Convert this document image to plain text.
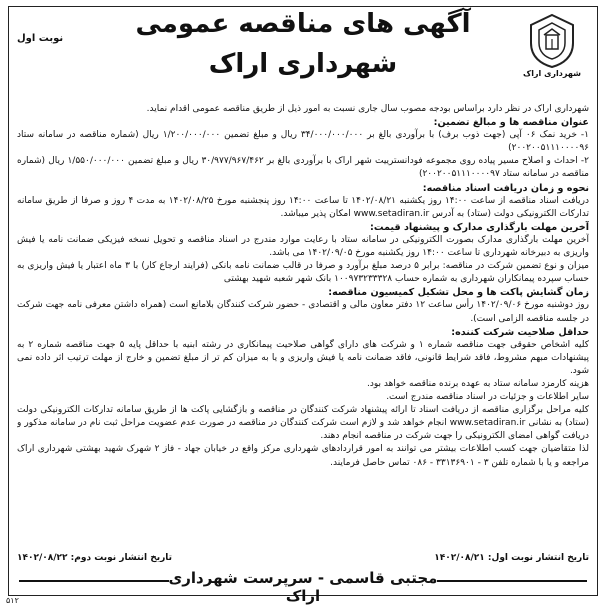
آگهی های مناقصه عمومی
شهرداری اراک
نوبت اول
شهرداری اراک

شهرداری اراک در نظر دارد براساس بودجه مصوب سال جاری نسبت به امور ذیل از طریق مناقصه عمومی اقدام نماید.

عنوان مناقصه ها و مبالغ تضمین:

۱- خرید نمک ۰۶ آپی (جهت ذوب برف) با برآوردی بالغ بر ۳۴/۰۰۰/۰۰۰/۰۰۰ ریال و مبلغ تضمین ۱/۲۰۰/۰۰۰/۰۰۰ ریال (شماره مناقصه در سامانه ستاد ۲۰۰۲۰۰۵۱۱۱۰۰۰۰۹۶)

۲- احداث و اصلاح مسیر پیاده روی مجموعه فودانسترییت شهر اراک با برآوردی بالغ بر ۳۰/۹۷۷/۹۶۷/۴۶۲ ریال و مبلغ تضمین ۱/۵۵۰/۰۰۰/۰۰۰ ریال (شماره مناقصه در سامانه ستاد ۲۰۰۲۰۰۵۱۱۱۰۰۰۰۹۷)

نحوه و زمان دریافت اسناد مناقصه:

دریافت اسناد مناقصه از ساعت ۱۴:۰۰ روز یکشنبه ۱۴۰۲/۰۸/۲۱ تا ساعت ۱۴:۰۰ روز پنجشنبه مورخ ۱۴۰۲/۰۸/۲۵ به مدت ۴ روز و صرفا از طریق سامانه تدارکات الکترونیکی دولت (ستاد) به آدرس www.setadiran.ir امکان پذیر میباشد.

آخرین مهلت بارگذاری مدارک و پیشنهاد قیمت:

آخرین مهلت بارگذاری مدارک بصورت الکترونیکی در سامانه ستاد با رعایت موارد مندرج در اسناد مناقصه و تحویل نسخه فیزیکی ضمانت نامه یا فیش واریزی به دبیرخانه شهرداری تا ساعت ۱۴:۰۰ روز یکشنبه مورخ ۱۴۰۲/۰۹/۰۵ می باشد.

میزان و نوع تضمین شرکت در مناقصه: برابر ۵ درصد مبلغ برآورد و صرفا در قالب ضمانت نامه بانکی (فرایند ارجاع کار) با ۳ ماه اعتبار یا فیش واریزی به حساب سپرده پیمانکاران شهرداری به شماره حساب ۱۰۰۹۷۳۲۳۳۳۲۸ بانک شهر شعبه شهید بهشتی

زمان گشایش پاکت ها و محل تشکیل کمیسیون مناقصه:

روز دوشنبه مورخ ۱۴۰۲/۰۹/۰۶ رأس ساعت ۱۲ دفتر معاون مالی و اقتصادی - حضور شرکت کنندگان بلامانع است (همراه داشتن معرفی نامه جهت شرکت در جلسه مناقصه الزامی است).

حداقل صلاحیت شرکت کننده:

کلیه اشخاص حقوقی جهت مناقصه شماره ۱ و شرکت های دارای گواهی صلاحیت پیمانکاری در رشته ابنیه با حداقل پایه ۵ جهت مناقصه شماره ۲ به پیشنهادات مبهم مشروط، فاقد شرایط قانونی، فاقد ضمانت نامه یا فیش واریزی و یا به میزان کم تر از مبلغ تضمین و خارج از مهلت ترتیب اثر داده نمی شود.

هزینه کارمزد سامانه ستاد به عهده برنده مناقصه خواهد بود.

سایر اطلاعات و جزئیات در اسناد مناقصه مندرج است.

کلیه مراحل برگزاری مناقصه از دریافت اسناد تا ارائه پیشنهاد شرکت کنندگان در مناقصه و بازگشایی پاکت ها از طریق سامانه تدارکات الکترونیکی دولت (ستاد) به نشانی www.setadiran.ir انجام خواهد شد و لازم است شرکت کنندگان در مناقصه در صورت عدم عضویت مراحل ثبت نام در سامانه مذکور و دریافت گواهی امضای الکترونیکی را جهت شرکت در مناقصه انجام دهند.

لذا متقاضیان جهت کسب اطلاعات بیشتر می توانند به امور قراردادهای شهرداری مرکز واقع در خیابان جهاد - فاز ۲ شهرک شهید بهشتی شهرداری اراک مراجعه و یا با شماره تلفن ۳ - ۳۳۱۳۶۹۰۱ - ۰۸۶ تماس حاصل فرمایند.

تاریخ انتشار نوبت اول: ۱۴۰۲/۰۸/۲۱
تاریخ انتشار نوبت دوم: ۱۴۰۲/۰۸/۲۲
مجتبی قاسمی - سرپرست شهرداری اراک
۵۱۲
